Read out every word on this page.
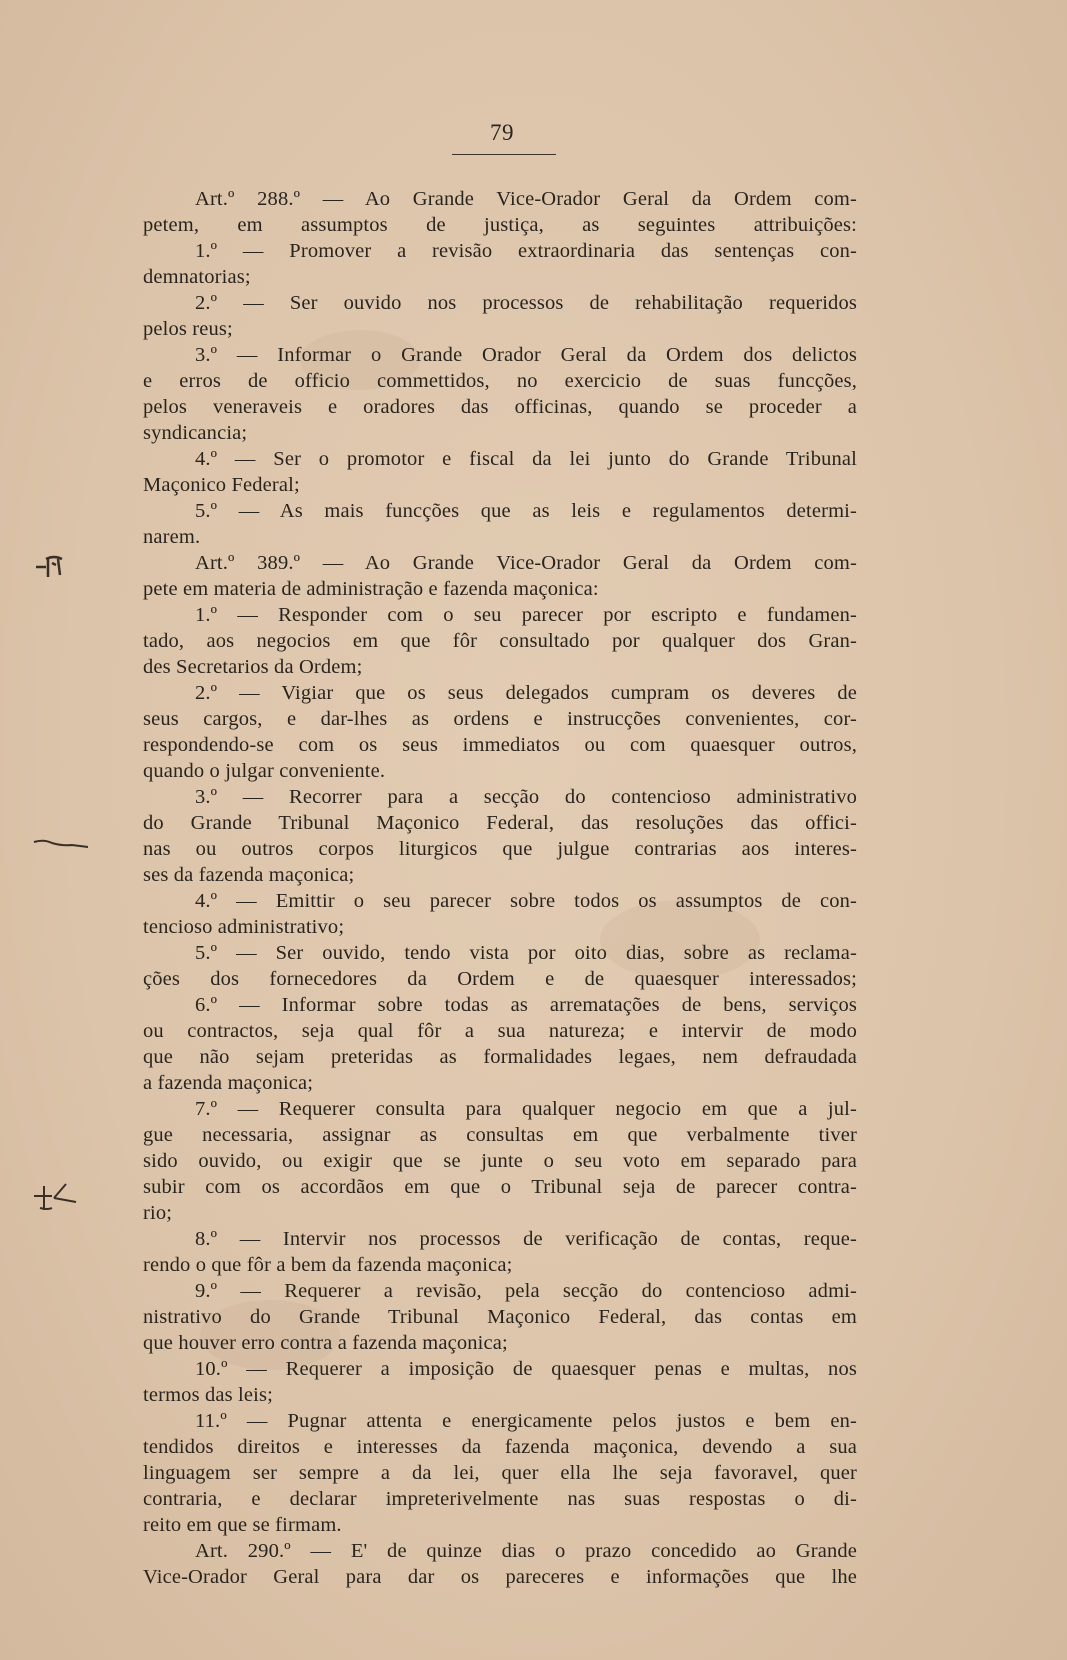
79
Art.º 288.º — Ao Grande Vice-Orador Geral da Ordem com-
petem, em assumptos de justiça, as seguintes attribuições:
1.º — Promover a revisão extraordinaria das sentenças con-
demnatorias;
2.º — Ser ouvido nos processos de rehabilitação requeridos
pelos reus;
3.º — Informar o Grande Orador Geral da Ordem dos delictos
e erros de officio commettidos, no exercicio de suas funcções,
pelos veneraveis e oradores das officinas, quando se proceder a
syndicancia;
4.º — Ser o promotor e fiscal da lei junto do Grande Tribunal
Maçonico Federal;
5.º — As mais funcções que as leis e regulamentos determi-
narem.
Art.º 389.º — Ao Grande Vice-Orador Geral da Ordem com-
pete em materia de administração e fazenda maçonica:
1.º — Responder com o seu parecer por escripto e fundamen-
tado, aos negocios em que fôr consultado por qualquer dos Gran-
des Secretarios da Ordem;
2.º — Vigiar que os seus delegados cumpram os deveres de
seus cargos, e dar-lhes as ordens e instrucções convenientes, cor-
respondendo-se com os seus immediatos ou com quaesquer outros,
quando o julgar conveniente.
3.º — Recorrer para a secção do contencioso administrativo
do Grande Tribunal Maçonico Federal, das resoluções das offici-
nas ou outros corpos liturgicos que julgue contrarias aos interes-
ses da fazenda maçonica;
4.º — Emittir o seu parecer sobre todos os assumptos de con-
tencioso administrativo;
5.º — Ser ouvido, tendo vista por oito dias, sobre as reclama-
ções dos fornecedores da Ordem e de quaesquer interessados;
6.º — Informar sobre todas as arrematações de bens, serviços
ou contractos, seja qual fôr a sua natureza; e intervir de modo
que não sejam preteridas as formalidades legaes, nem defraudada
a fazenda maçonica;
7.º — Requerer consulta para qualquer negocio em que a jul-
gue necessaria, assignar as consultas em que verbalmente tiver
sido ouvido, ou exigir que se junte o seu voto em separado para
subir com os accordãos em que o Tribunal seja de parecer contra-
rio;
8.º — Intervir nos processos de verificação de contas, reque-
rendo o que fôr a bem da fazenda maçonica;
9.º — Requerer a revisão, pela secção do contencioso admi-
nistrativo do Grande Tribunal Maçonico Federal, das contas em
que houver erro contra a fazenda maçonica;
10.º — Requerer a imposição de quaesquer penas e multas, nos
termos das leis;
11.º — Pugnar attenta e energicamente pelos justos e bem en-
tendidos direitos e interesses da fazenda maçonica, devendo a sua
linguagem ser sempre a da lei, quer ella lhe seja favoravel, quer
contraria, e declarar impreterivelmente nas suas respostas o di-
reito em que se firmam.
Art. 290.º — E' de quinze dias o prazo concedido ao Grande
Vice-Orador Geral para dar os pareceres e informações que lhe
